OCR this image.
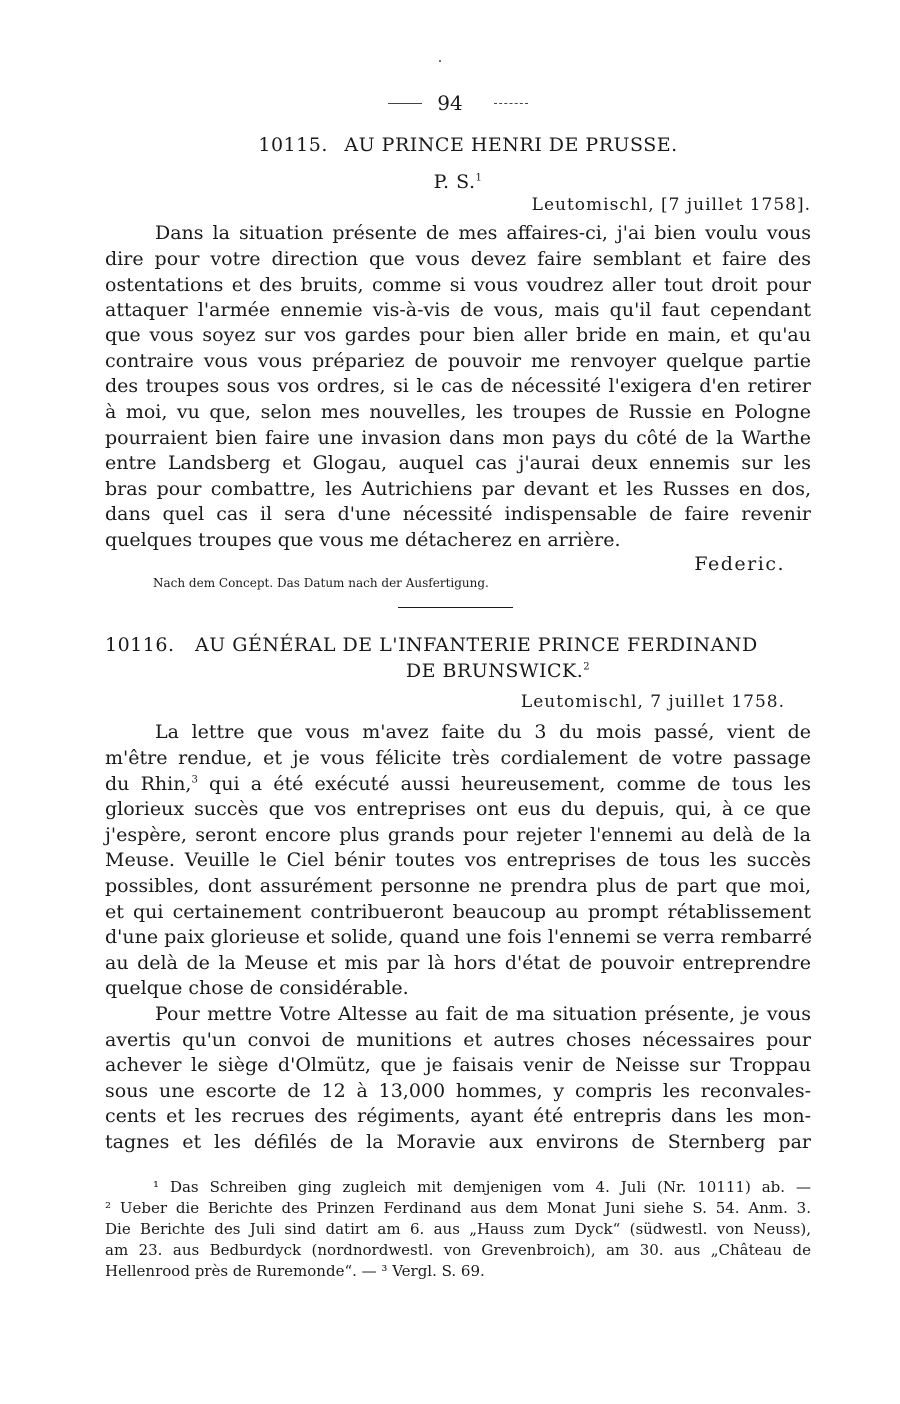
94
10115. AU PRINCE HENRI DE PRUSSE.
P. S.$^1$
Leutomischl, [7 juillet 1758].
Dans la situation présente de mes affaires-ci, j'ai bien voulu vous
dire pour votre direction que vous devez faire semblant et faire des
ostentations et des bruits, comme si vous voudrez aller tout droit pour
attaquer l'armée ennemie vis-à-vis de vous, mais qu'il faut cependant
que vous soyez sur vos gardes pour bien aller bride en main, et qu'au
contraire vous vous prépariez de pouvoir me renvoyer quelque partie
des troupes sous vos ordres, si le cas de nécessité l'exigera d'en retirer
à moi, vu que, selon mes nouvelles, les troupes de Russie en Pologne
pourraient bien faire une invasion dans mon pays du côté de la Warthe
entre Landsberg et Glogau, auquel cas j'aurai deux ennemis sur les
bras pour combattre, les Autrichiens par devant et les Russes en dos,
dans quel cas il sera d'une nécessité indispensable de faire revenir
quelques troupes que vous me détacherez en arrière.
Federic.
Nach dem Concept. Das Datum nach der Ausfertigung.
10116. AU GÉNÉRAL DE L'INFANTERIE PRINCE FERDINAND
DE BRUNSWICK.$^2$
Leutomischl, 7 juillet 1758.
La lettre que vous m'avez faite du 3 du mois passé, vient de
m'être rendue, et je vous félicite très cordialement de votre passage
du Rhin,$^3$ qui a été exécuté aussi heureusement, comme de tous les
glorieux succès que vos entreprises ont eus du depuis, qui, à ce que
j'espère, seront encore plus grands pour rejeter l'ennemi au delà de la
Meuse. Veuille le Ciel bénir toutes vos entreprises de tous les succès
possibles, dont assurément personne ne prendra plus de part que moi,
et qui certainement contribueront beaucoup au prompt rétablissement
d'une paix glorieuse et solide, quand une fois l'ennemi se verra rembarré
au delà de la Meuse et mis par là hors d'état de pouvoir entreprendre
quelque chose de considérable.
Pour mettre Votre Altesse au fait de ma situation présente, je vous
avertis qu'un convoi de munitions et autres choses nécessaires pour
achever le siège d'Olmütz, que je faisais venir de Neisse sur Troppau
sous une escorte de 12 à 13,000 hommes, y compris les reconvales-
cents et les recrues des régiments, ayant été entrepris dans les mon-
tagnes et les défilés de la Moravie aux environs de Sternberg par
¹ Das Schreiben ging zugleich mit demjenigen vom 4. Juli (Nr. 10111) ab. —
² Ueber die Berichte des Prinzen Ferdinand aus dem Monat Juni siehe S. 54. Anm. 3.
Die Berichte des Juli sind datirt am 6. aus „Hauss zum Dyck“ (südwestl. von Neuss),
am 23. aus Bedburdyck (nordnordwestl. von Grevenbroich), am 30. aus „Château de
Hellenrood près de Ruremonde“. — ³ Vergl. S. 69.
